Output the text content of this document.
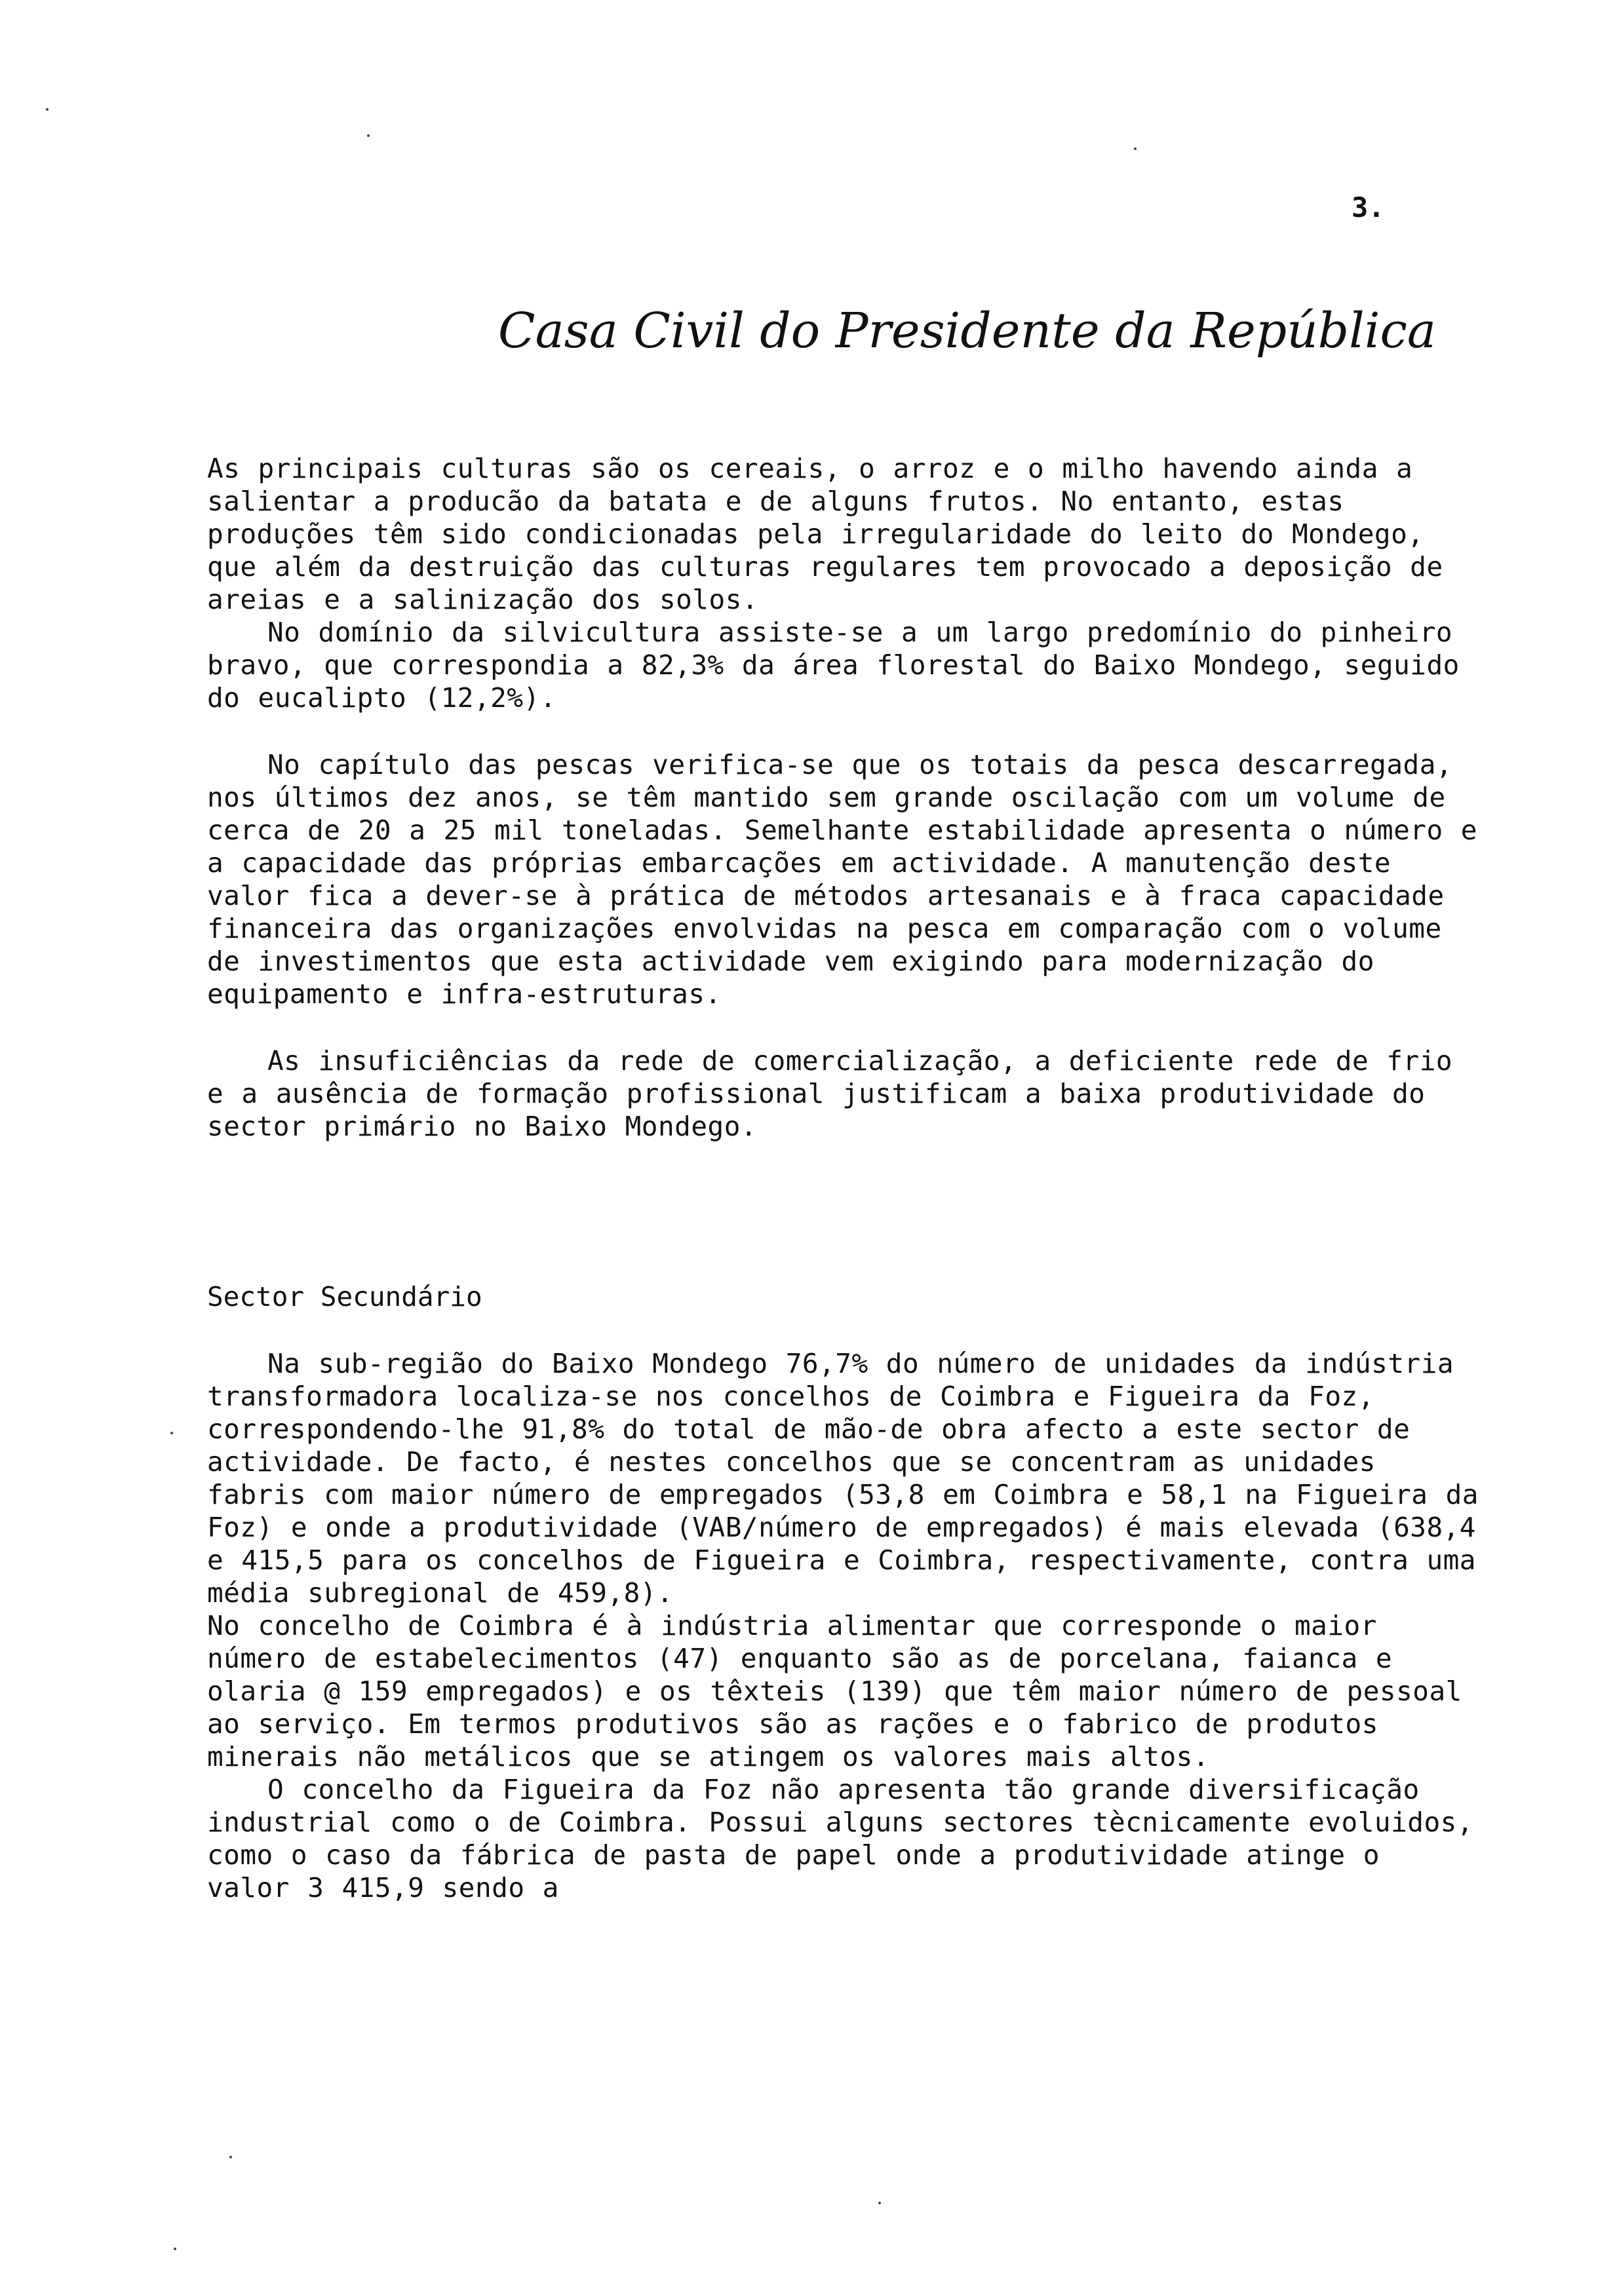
3.
Casa Civil do Presidente da República

As principais culturas são os cereais, o arroz e o milho havendo ainda a salientar a producão da batata e de alguns frutos. No entanto, estas produções têm sido condicionadas pela irregularidade do leito do Mondego, que além da destruição das culturas regulares tem provocado a deposição de areias e a salinização dos solos.

No domínio da silvicultura assiste-se a um largo predomínio do pinheiro bravo, que correspondia a 82,3% da área florestal do Baixo Mondego, seguido do eucalipto (12,2%).

No capítulo das pescas verifica-se que os totais da pesca descarregada, nos últimos dez anos, se têm mantido sem grande oscilação com um volume de cerca de 20 a 25 mil toneladas. Semelhante estabilidade apresenta o número e a capacidade das próprias embarcações em actividade. A manutenção deste valor fica a dever-se à prática de métodos artesanais e à fraca capacidade financeira das organizações envolvidas na pesca em comparação com o volume de investimentos que esta actividade vem exigindo para modernização do equipamento e infra-estruturas.

As insuficiências da rede de comercialização, a deficiente rede de frio e a ausência de formação profissional justificam a baixa produtividade do sector primário no Baixo Mondego.

Sector Secundário

Na sub-região do Baixo Mondego 76,7% do número de unidades da indústria transformadora localiza-se nos concelhos de Coimbra e Figueira da Foz, correspondendo-lhe 91,8% do total de mão-de obra afecto a este sector de actividade. De facto, é nestes concelhos que se concentram as unidades fabris com maior número de empregados (53,8 em Coimbra e 58,1 na Figueira da Foz) e onde a produtividade (VAB/número de empregados) é mais elevada (638,4 e 415,5 para os concelhos de Figueira e Coimbra, respectivamente, contra uma média subregional de 459,8).

No concelho de Coimbra é à indústria alimentar que corresponde o maior número de estabelecimentos (47) enquanto são as de porcelana, faianca e olaria @ 159 empregados) e os têxteis (139) que têm maior número de pessoal ao serviço. Em termos produtivos são as rações e o fabrico de produtos minerais não metálicos que se atingem os valores mais altos.

O concelho da Figueira da Foz não apresenta tão grande diversificação industrial como o de Coimbra. Possui alguns sectores tècnicamente evoluidos, como o caso da fábrica de pasta de papel onde a produtividade atinge o valor 3 415,9 sendo a
